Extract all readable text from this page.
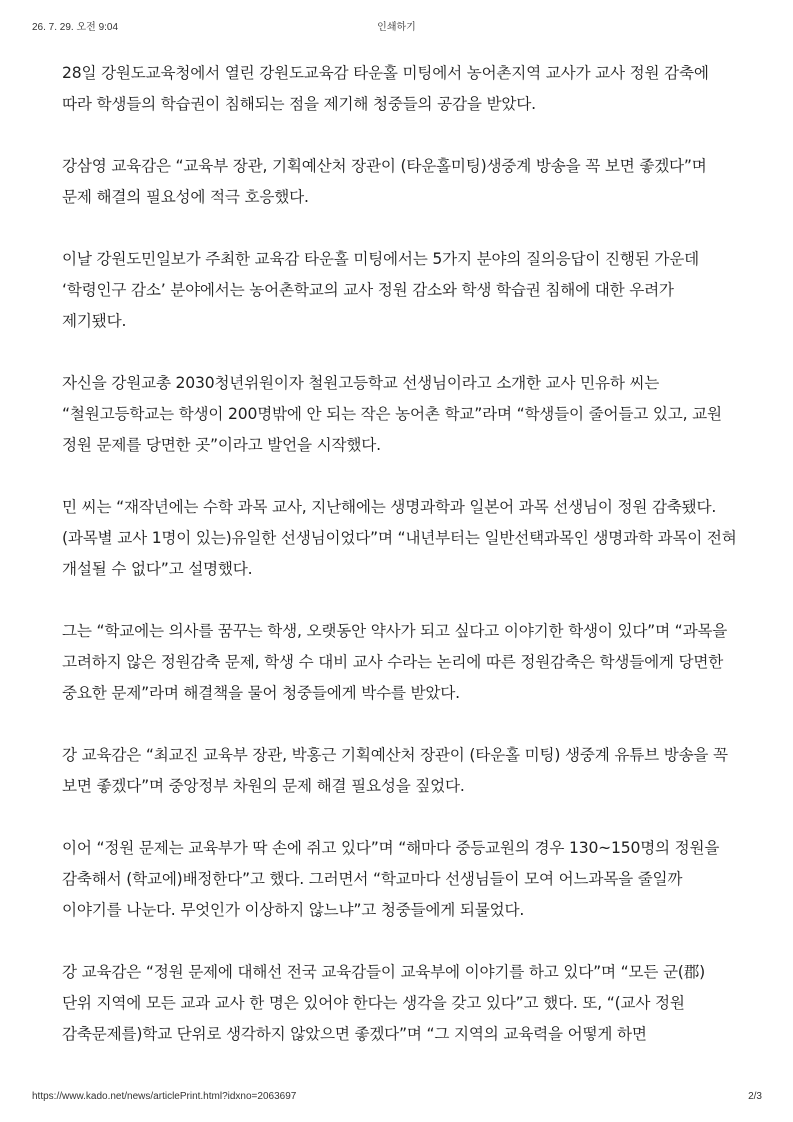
26. 7. 29. 오전 9:04	인쇄하기

28일 강원도교육청에서 열린 강원도교육감 타운홀 미팅에서 농어촌지역 교사가 교사 정원 감축에 따라 학생들의 학습권이 침해되는 점을 제기해 청중들의 공감을 받았다.

강삼영 교육감은 “교육부 장관, 기획예산처 장관이 (타운홀미팅)생중계 방송을 꼭 보면 좋겠다”며 문제 해결의 필요성에 적극 호응했다.

이날 강원도민일보가 주최한 교육감 타운홀 미팅에서는 5가지 분야의 질의응답이 진행된 가운데 ‘학령인구 감소’ 분야에서는 농어촌학교의 교사 정원 감소와 학생 학습권 침해에 대한 우려가 제기됐다.

자신을 강원교총 2030청년위원이자 철원고등학교 선생님이라고 소개한 교사 민유하 씨는 “철원고등학교는 학생이 200명밖에 안 되는 작은 농어촌 학교”라며 “학생들이 줄어들고 있고, 교원 정원 문제를 당면한 곳”이라고 발언을 시작했다.

민 씨는 “재작년에는 수학 과목 교사, 지난해에는 생명과학과 일본어 과목 선생님이 정원 감축됐다. (과목별 교사 1명이 있는)유일한 선생님이었다”며 “내년부터는 일반선택과목인 생명과학 과목이 전혀 개설될 수 없다”고 설명했다.

그는 “학교에는 의사를 꿈꾸는 학생, 오랫동안 약사가 되고 싶다고 이야기한 학생이 있다”며 “과목을 고려하지 않은 정원감축 문제, 학생 수 대비 교사 수라는 논리에 따른 정원감축은 학생들에게 당면한 중요한 문제”라며 해결책을 물어 청중들에게 박수를 받았다.

강 교육감은 “최교진 교육부 장관, 박홍근 기획예산처 장관이 (타운홀 미팅) 생중계 유튜브 방송을 꼭 보면 좋겠다”며 중앙정부 차원의 문제 해결 필요성을 짚었다.

이어 “정원 문제는 교육부가 딱 손에 쥐고 있다”며 “해마다 중등교원의 경우 130~150명의 정원을 감축해서 (학교에)배정한다”고 했다. 그러면서 “학교마다 선생님들이 모여 어느과목을 줄일까 이야기를 나눈다. 무엇인가 이상하지 않느냐”고 청중들에게 되물었다.

강 교육감은 “정원 문제에 대해선 전국 교육감들이 교육부에 이야기를 하고 있다”며 “모든 군(郡) 단위 지역에 모든 교과 교사 한 명은 있어야 한다는 생각을 갖고 있다”고 했다. 또, “(교사 정원 감축문제를)학교 단위로 생각하지 않았으면 좋겠다”며 “그 지역의 교육력을 어떻게 하면

https://www.kado.net/news/articlePrint.html?idxno=2063697	2/3
